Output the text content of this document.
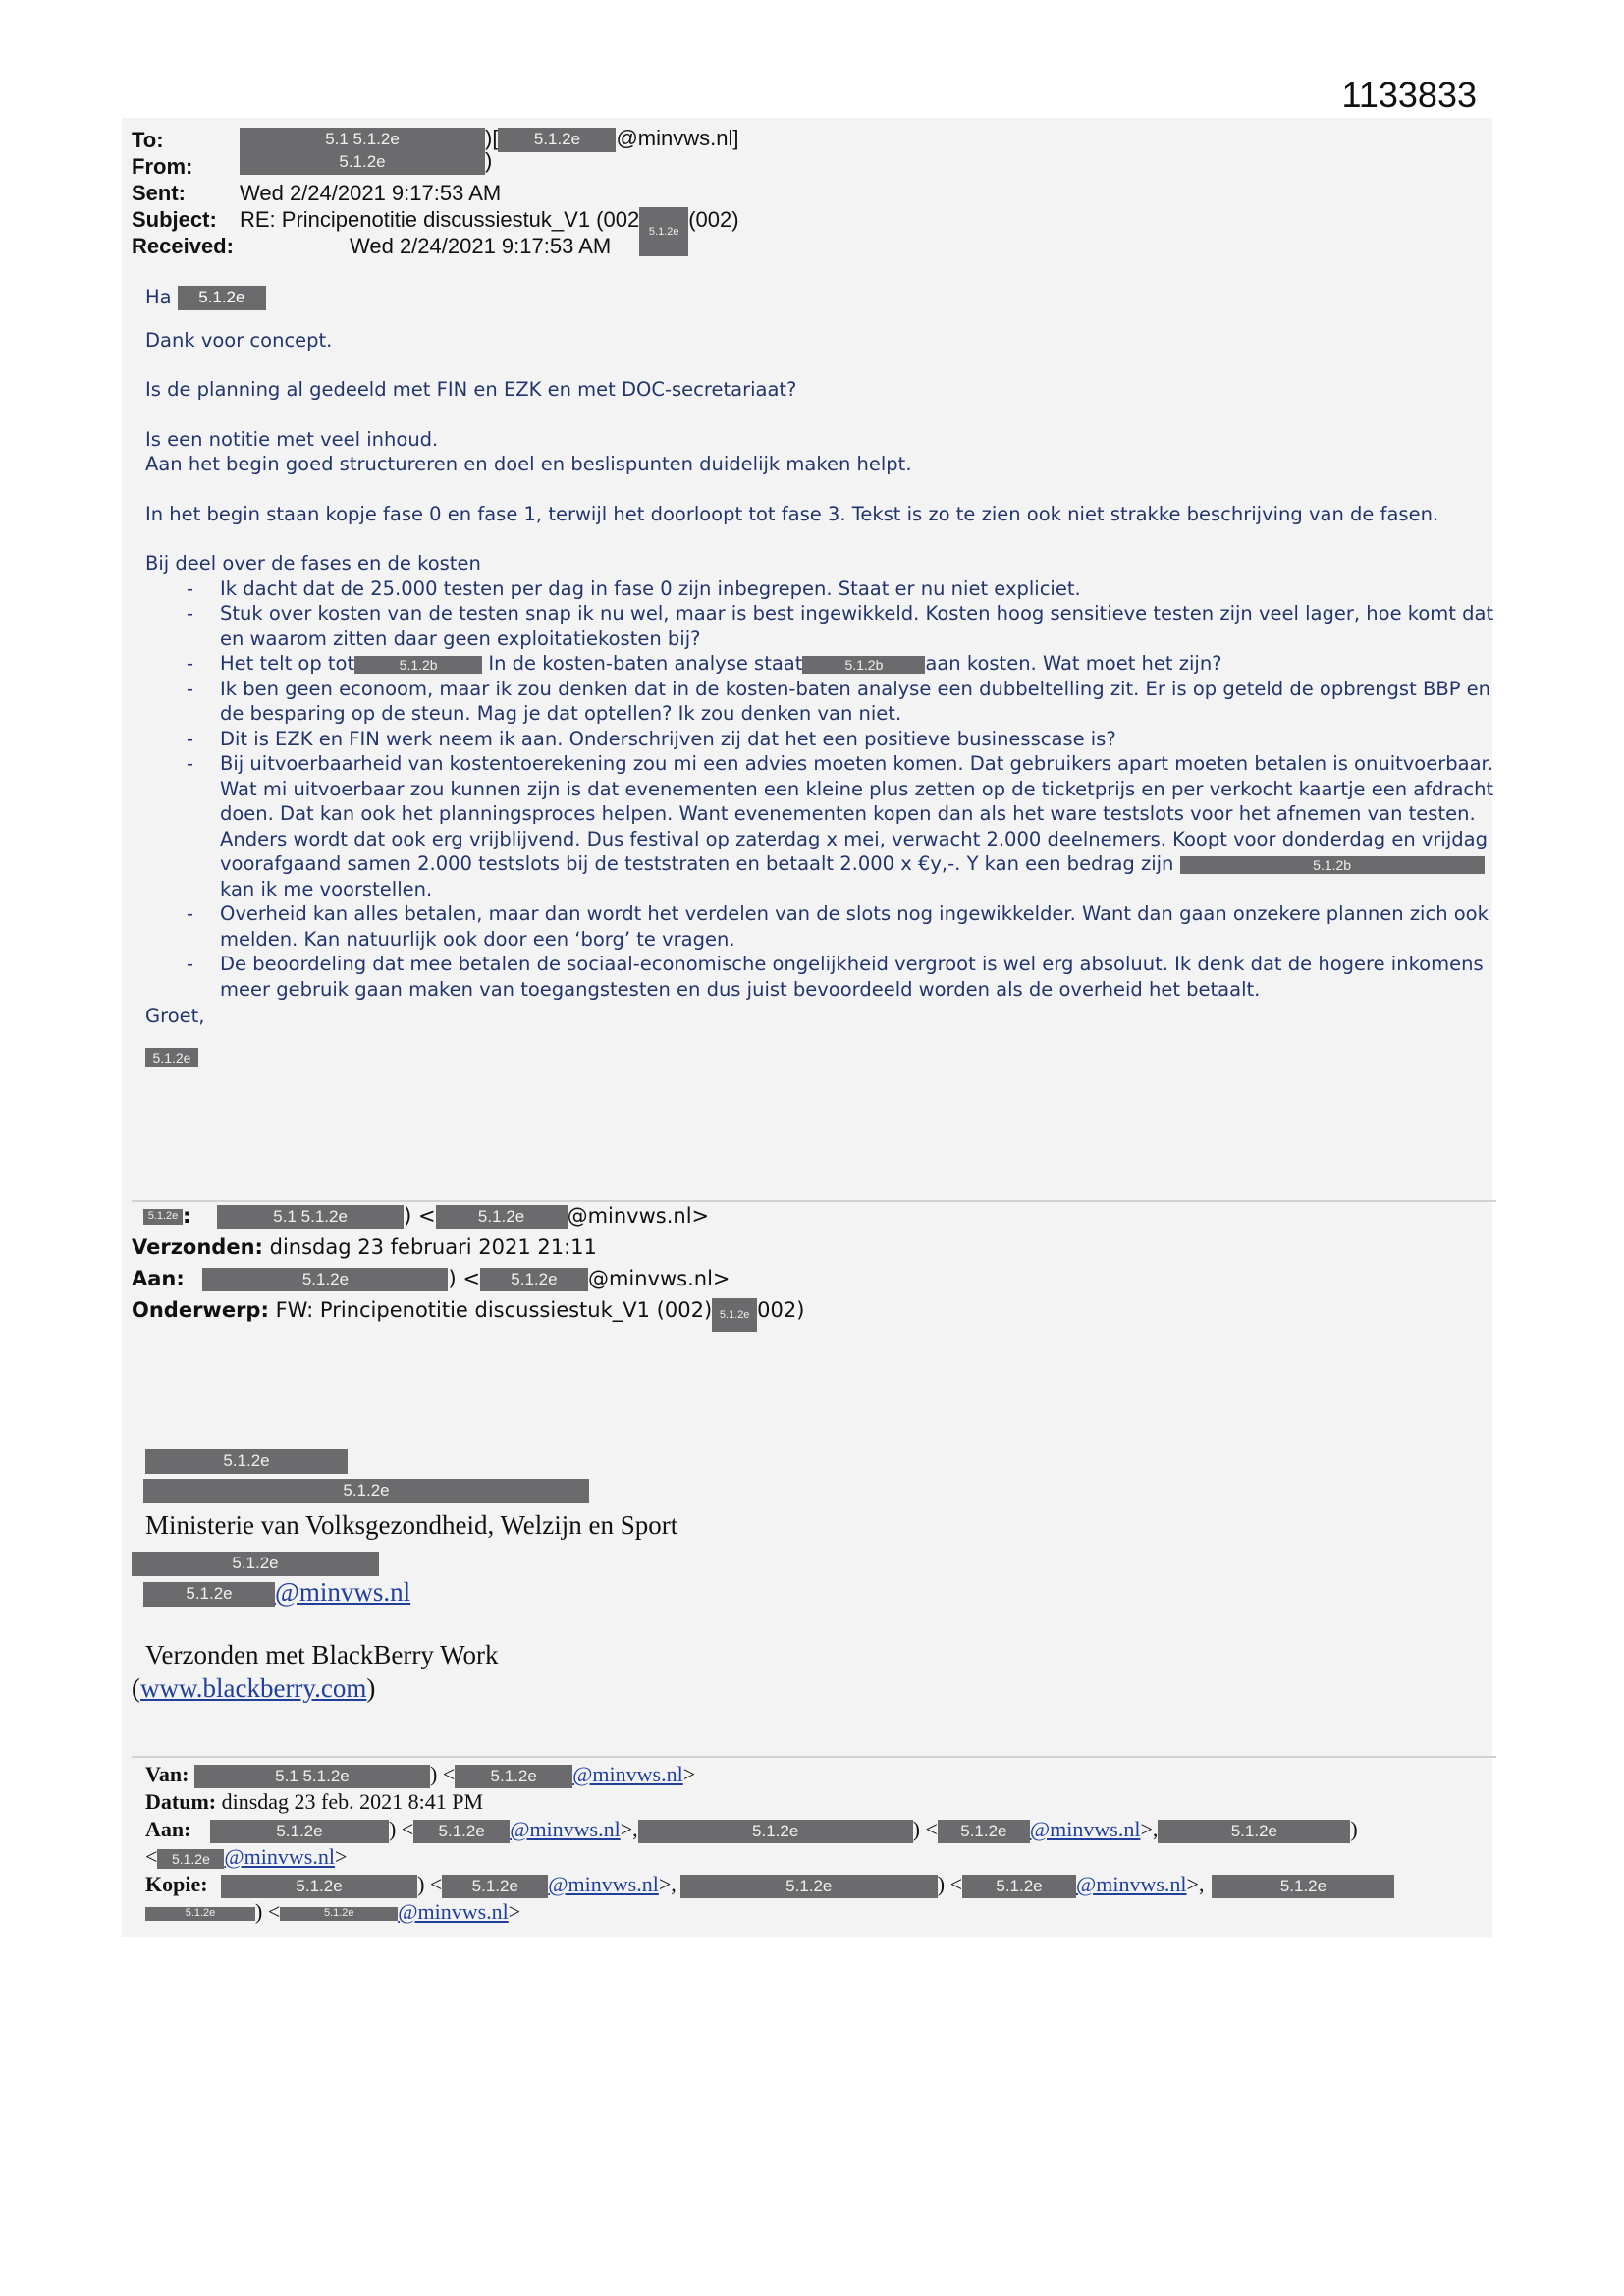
1133833
To:	5.1 5.1.2e	)[ 5.1.2e @minvws.nl]
From:	5.1.2e	)
Sent:	Wed 2/24/2021 9:17:53 AM
Subject: RE: Principenotitie discussiestuk_V1 (002 5.1.2e (002)
Received:	Wed 2/24/2021 9:17:53 AM

Ha 5.1.2e

Dank voor concept.

Is de planning al gedeeld met FIN en EZK en met DOC-secretariaat?

Is een notitie met veel inhoud.
Aan het begin goed structureren en doel en beslispunten duidelijk maken helpt.

In het begin staan kopje fase 0 en fase 1, terwijl het doorloopt tot fase 3. Tekst is zo te zien ook niet strakke beschrijving van de fasen.

Bij deel over de fases en de kosten
- Ik dacht dat de 25.000 testen per dag in fase 0 zijn inbegrepen. Staat er nu niet expliciet.
- Stuk over kosten van de testen snap ik nu wel, maar is best ingewikkeld. Kosten hoog sensitieve testen zijn veel lager, hoe komt dat en waarom zitten daar geen exploitatiekosten bij?
- Het telt op tot	5.1.2b	In de kosten-baten analyse staat	5.1.2b aan kosten. Wat moet het zijn?
- Ik ben geen econoom, maar ik zou denken dat in de kosten-baten analyse een dubbeltelling zit. Er is op geteld de opbrengst BBP en de besparing op de steun. Mag je dat optellen? Ik zou denken van niet.
- Dit is EZK en FIN werk neem ik aan. Onderschrijven zij dat het een positieve businesscase is?
- Bij uitvoerbaarheid van kostentoerekening zou mi een advies moeten komen. Dat gebruikers apart moeten betalen is onuitvoerbaar. Wat mi uitvoerbaar zou kunnen zijn is dat evenementen een kleine plus zetten op de ticketprijs en per verkocht kaartje een afdracht doen. Dat kan ook het planningsproces helpen. Want evenementen kopen dan als het ware testslots voor het afnemen van testen. Anders wordt dat ook erg vrijblijvend. Dus festival op zaterdag x mei, verwacht 2.000 deelnemers. Koopt voor donderdag en vrijdag voorafgaand samen 2.000 testslots bij de teststraten en betaalt 2.000 x €y,-. Y kan een bedrag zijn	5.1.2b kan ik me voorstellen.
- Overheid kan alles betalen, maar dan wordt het verdelen van de slots nog ingewikkelder. Want dan gaan onzekere plannen zich ook melden. Kan natuurlijk ook door een ‘borg’ te vragen.
- De beoordeling dat mee betalen de sociaal-economische ongelijkheid vergroot is wel erg absoluut. Ik denk dat de hogere inkomens meer gebruik gaan maken van toegangstesten en dus juist bevoordeeld worden als de overheid het betaalt.
Groet,
5.1.2e
5.1.2e :	5.1 5.1.2e	) <	5.1.2e @minvws.nl>
Verzonden: dinsdag 23 februari 2021 21:11
Aan:	5.1.2e	) < 5.1.2e @minvws.nl>
Onderwerp: FW: Principenotitie discussiestuk_V1 (002) 5.1.2e 002)
5.1.2e
5.1.2e
Ministerie van Volksgezondheid, Welzijn en Sport
5.1.2e
5.1.2e @minvws.nl
Verzonden met BlackBerry Work
(www.blackberry.com)
Van:	5.1 5.1.2e	) < 5.1.2e @minvws.nl>
Datum: dinsdag 23 feb. 2021 8:41 PM
Aan:	5.1.2e	) < 5.1.2e @minvws.nl>,	5.1.2e	) < 5.1.2e @minvws.nl>,	5.1.2e	)
< 5.1.2e @minvws.nl>
Kopie:	5.1.2e	) < 5.1.2e @minvws.nl>,	5.1.2e	) < 5.1.2e @minvws.nl>,	5.1.2e
5.1.2e ) <	5.1.2e @minvws.nl>
